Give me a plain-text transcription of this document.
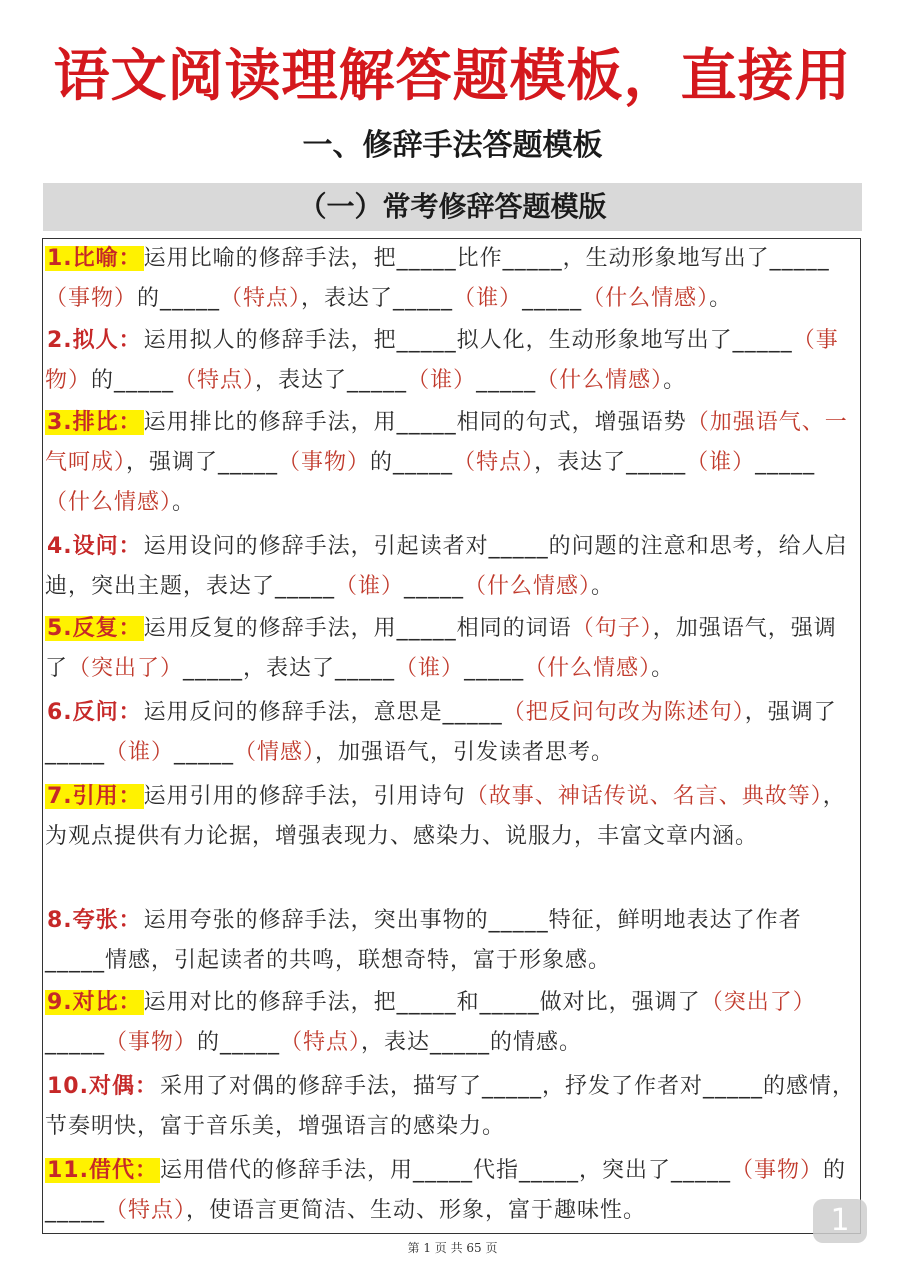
语文阅读理解答题模板，直接用
一、修辞手法答题模板
（一）常考修辞答题模版
1.比喻：运用比喻的修辞手法，把_____比作_____，生动形象地写出了_____（事物）的_____（特点），表达了_____（谁）_____（什么情感）。
2.拟人：运用拟人的修辞手法，把_____拟人化，生动形象地写出了_____（事物）的_____（特点），表达了_____（谁）_____（什么情感）。
3.排比：运用排比的修辞手法，用_____相同的句式，增强语势（加强语气、一气呵成），强调了_____（事物）的_____（特点），表达了_____（谁）_____（什么情感）。
4.设问：运用设问的修辞手法，引起读者对_____的问题的注意和思考，给人启迪，突出主题，表达了_____（谁）_____（什么情感）。
5.反复：运用反复的修辞手法，用_____相同的词语（句子），加强语气，强调了（突出了）_____，表达了_____（谁）_____（什么情感）。
6.反问：运用反问的修辞手法，意思是_____（把反问句改为陈述句），强调了_____（谁）_____（情感），加强语气，引发读者思考。
7.引用：运用引用的修辞手法，引用诗句（故事、神话传说、名言、典故等），为观点提供有力论据，增强表现力、感染力、说服力，丰富文章内涵。
8.夸张：运用夸张的修辞手法，突出事物的_____特征，鲜明地表达了作者_____情感，引起读者的共鸣，联想奇特，富于形象感。
9.对比：运用对比的修辞手法，把_____和_____做对比，强调了（突出了）_____（事物）的_____（特点），表达_____的情感。
10.对偶：采用了对偶的修辞手法，描写了_____，抒发了作者对_____的感情，节奏明快，富于音乐美，增强语言的感染力。
11.借代：运用借代的修辞手法，用_____代指_____，突出了_____（事物）的_____（特点），使语言更简洁、生动、形象，富于趣味性。	1
第 1 页 共 65 页
